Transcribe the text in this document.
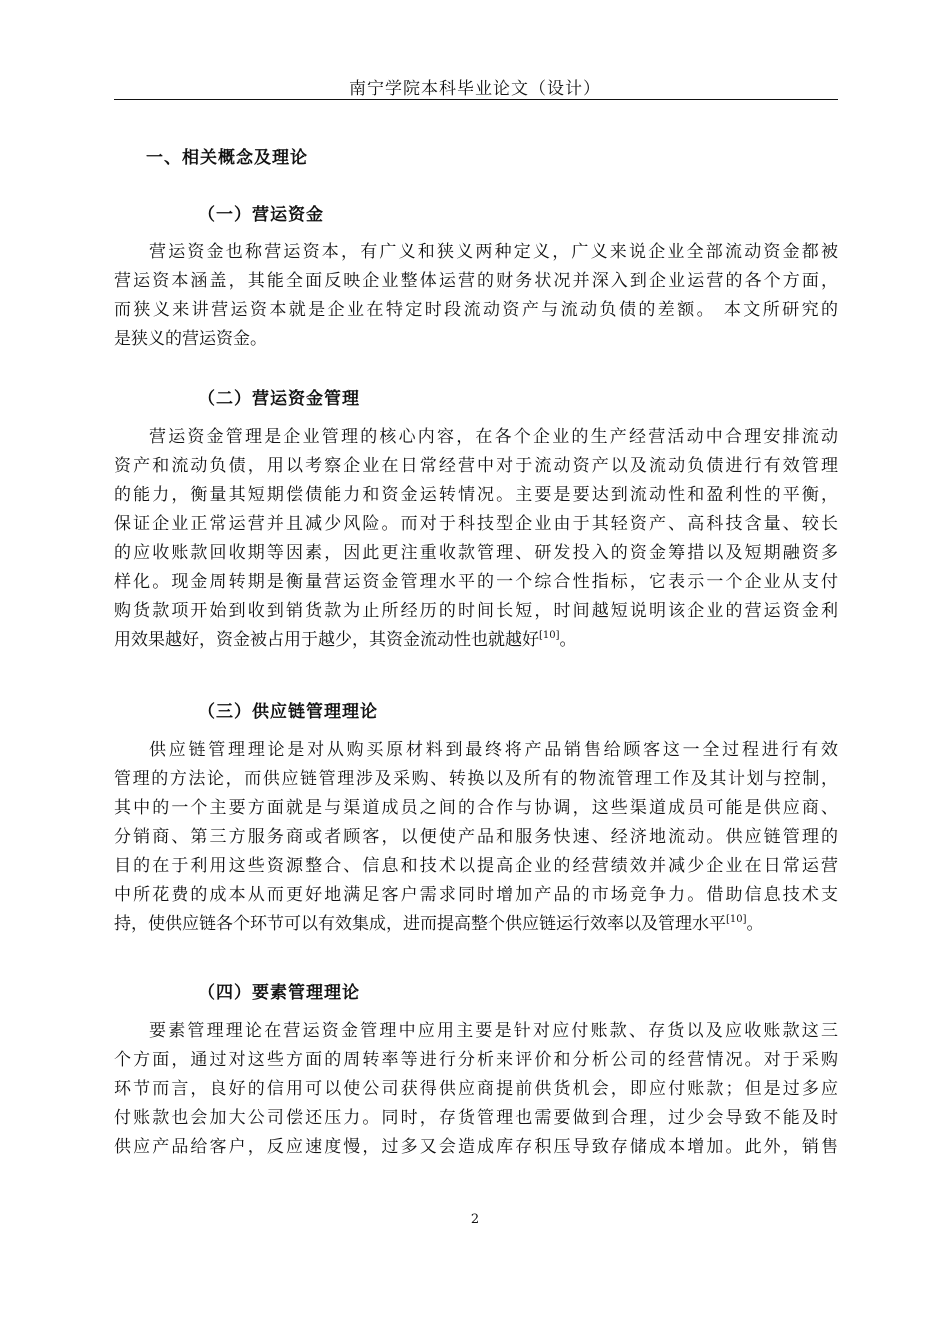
南宁学院本科毕业论文（设计）
一、相关概念及理论
（一）营运资金
营运资金也称营运资本，有广义和狭义两种定义，广义来说企业全部流动资金都被
营运资本涵盖，其能全面反映企业整体运营的财务状况并深入到企业运营的各个方面，
而狭义来讲营运资本就是企业在特定时段流动资产与流动负债的差额。 本文所研究的
是狭义的营运资金。
（二）营运资金管理
营运资金管理是企业管理的核心内容，在各个企业的生产经营活动中合理安排流动
资产和流动负债，用以考察企业在日常经营中对于流动资产以及流动负债进行有效管理
的能力，衡量其短期偿债能力和资金运转情况。主要是要达到流动性和盈利性的平衡，
保证企业正常运营并且减少风险。而对于科技型企业由于其轻资产、高科技含量、较长
的应收账款回收期等因素，因此更注重收款管理、研发投入的资金筹措以及短期融资多
样化。现金周转期是衡量营运资金管理水平的一个综合性指标，它表示一个企业从支付
购货款项开始到收到销货款为止所经历的时间长短，时间越短说明该企业的营运资金利
用效果越好，资金被占用于越少，其资金流动性也就越好[10]。
（三）供应链管理理论
供应链管理理论是对从购买原材料到最终将产品销售给顾客这一全过程进行有效
管理的方法论，而供应链管理涉及采购、转换以及所有的物流管理工作及其计划与控制，
其中的一个主要方面就是与渠道成员之间的合作与协调，这些渠道成员可能是供应商、
分销商、第三方服务商或者顾客，以便使产品和服务快速、经济地流动。供应链管理的
目的在于利用这些资源整合、信息和技术以提高企业的经营绩效并减少企业在日常运营
中所花费的成本从而更好地满足客户需求同时增加产品的市场竞争力。借助信息技术支
持，使供应链各个环节可以有效集成，进而提高整个供应链运行效率以及管理水平[10]。
（四）要素管理理论
要素管理理论在营运资金管理中应用主要是针对应付账款、存货以及应收账款这三
个方面，通过对这些方面的周转率等进行分析来评价和分析公司的经营情况。对于采购
环节而言，良好的信用可以使公司获得供应商提前供货机会，即应付账款；但是过多应
付账款也会加大公司偿还压力。同时，存货管理也需要做到合理，过少会导致不能及时
供应产品给客户，反应速度慢，过多又会造成库存积压导致存储成本增加。此外，销售
2
